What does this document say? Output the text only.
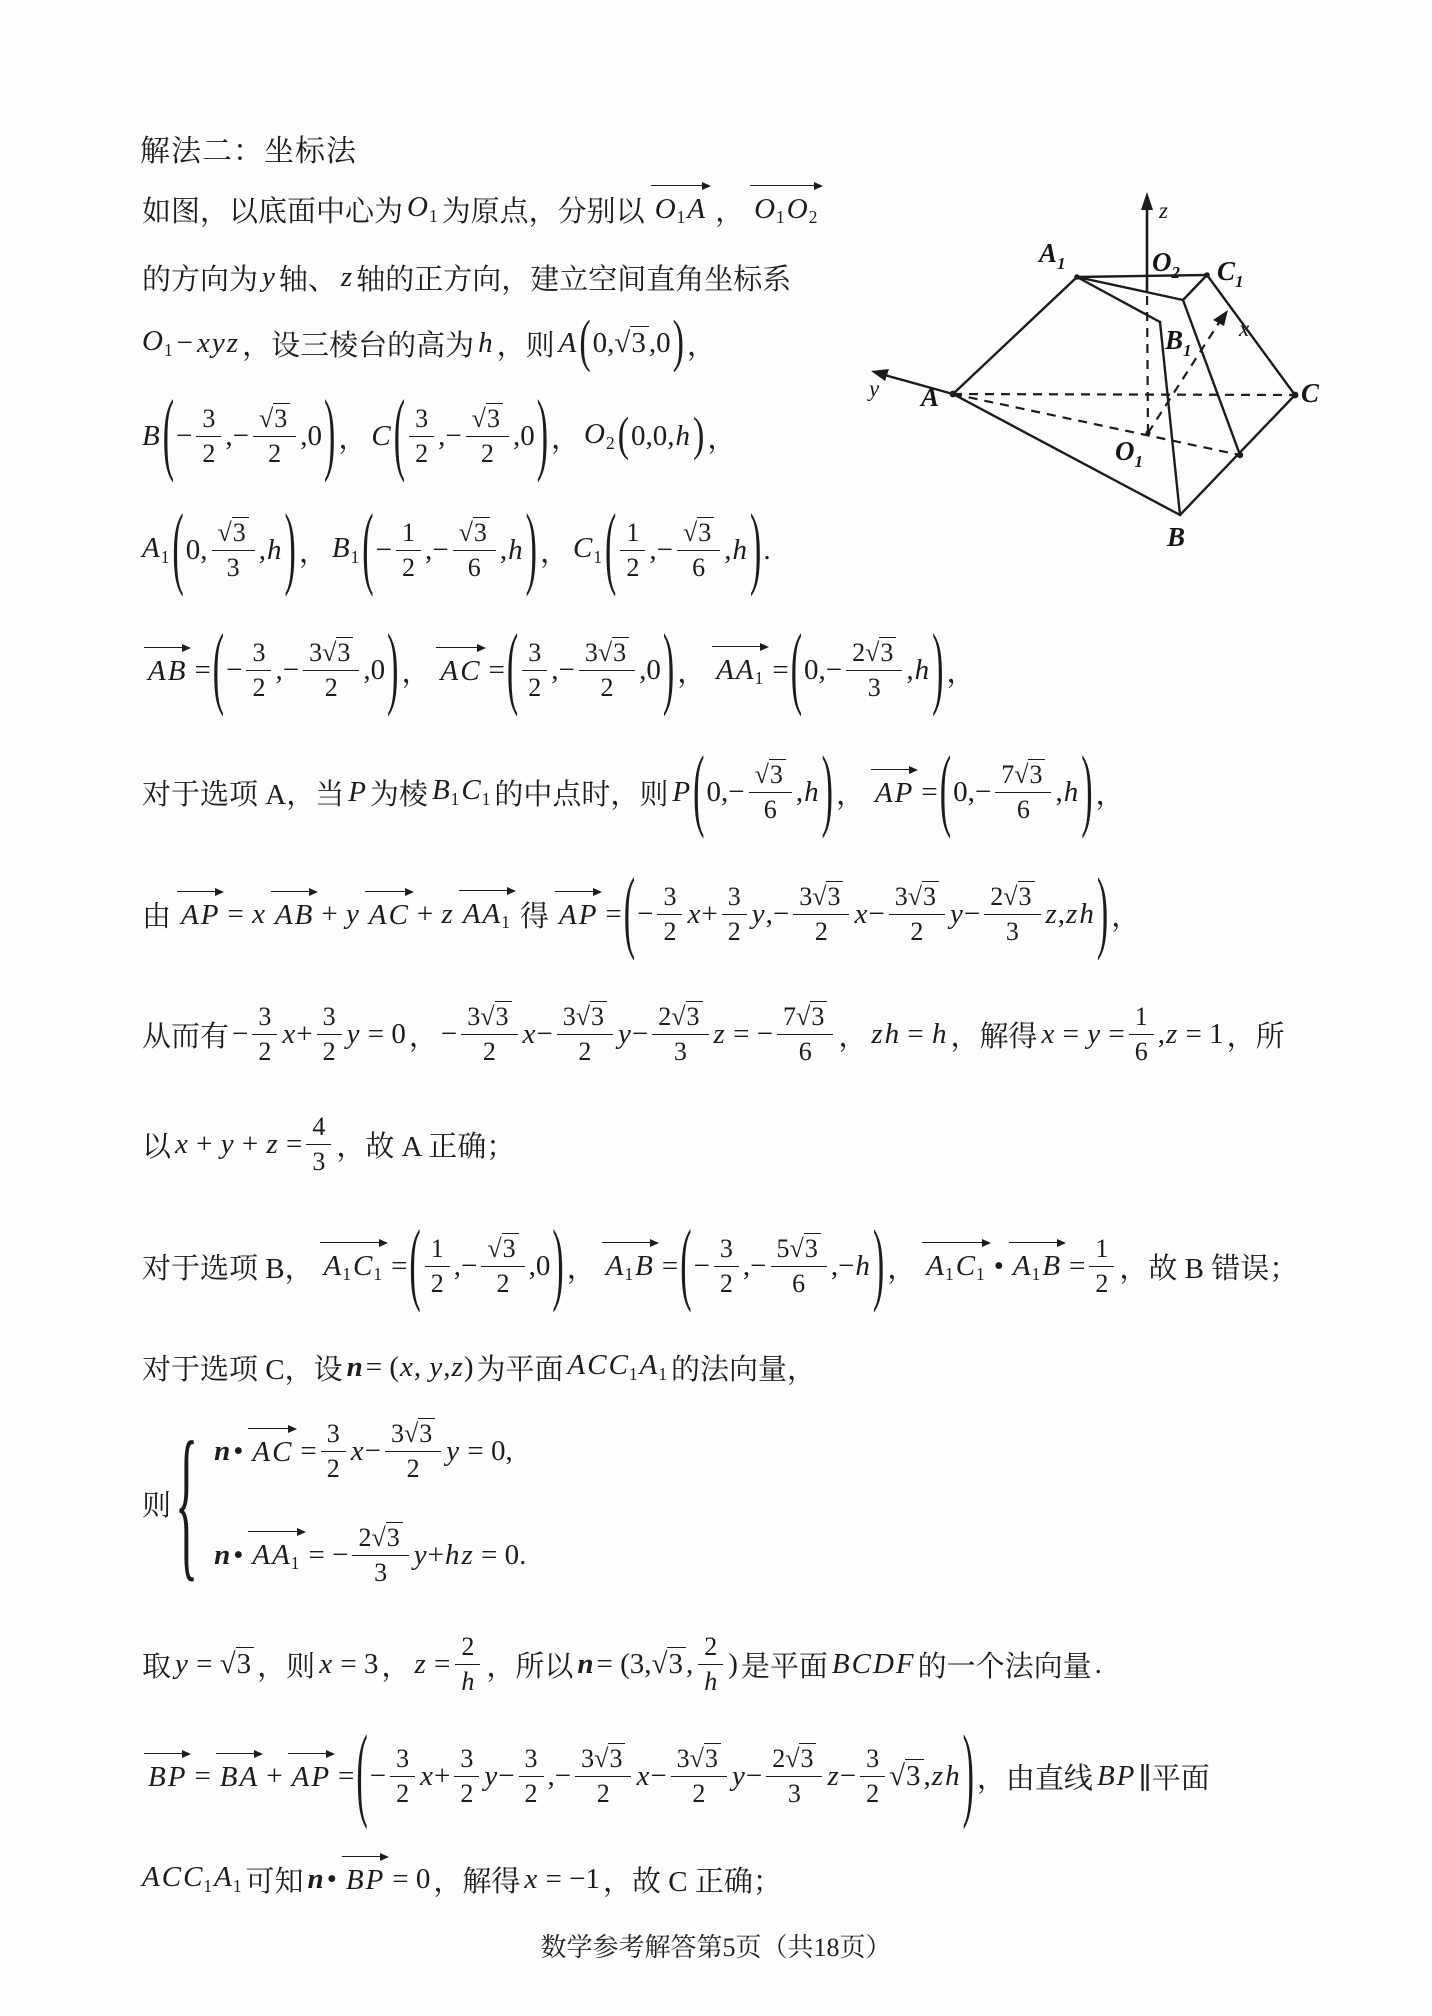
解法二：坐标法
如图，以底面中心为 O1 为原点，分别以 O1A ， O1O2
的方向为 y 轴、 z 轴的正方向，建立空间直角坐标系
O1 − xyz ，设三棱台的高为 h ，则 A ( 0,√3 ,0 ) ，
B ( − $\frac{3}{2}$ ,− $\frac{√3}{2} ,0$ ) ， C ( $\frac{3}{2}$ ,− $\frac{√3}{2} ,0$ ) ， O2 ( 0,0,h ) ，
A1 ( 0, $\frac{√3}{3} ,h$ ) ， B1 ( − $\frac{1}{2}$ ,− $\frac{√3}{6} ,h$ ) ， C1 ( $\frac{1}{2}$ ,− $\frac{√3}{6} ,h$ ) .
AB = ( − $\frac{3}{2}$ ,− $\frac{3√3}{2} ,0$ ) ， AC = ( $\frac{3}{2}$ ,− $\frac{3√3}{2} ,0$ ) ， AA1 = ( $0,- \frac{2√3}{3} ,h$ ) ，
对于选项 A，当 P 为棱 B1C1 的中点时，则 P ( $0,- \frac{√3}{6} ,h$ ) ， AP = ( $0,- \frac{7√3}{6} ,h$ ) ，
由 AP = x AB + y AC + z AA1 得 AP = ( − $\frac{3}{2} x+ \frac{3}{2} y,- \frac{3√3}{2} x- \frac{3√3}{2} y- \frac{2√3}{3} z,zh$ ) ，
从而有 − $\frac{3}{2} x+ \frac{3}{2}$ y = 0 ， − $\frac{3√3}{2} x- \frac{3√3}{2} y- \frac{2√3}{3}$ z = − $\frac{7√3}{6}$ ， zh = h ，解得 $x = y = \frac{1}{6} ,z = 1$ ，所
以 $x + y + z = \frac{4}{3}$ ，故 A 正确；
对于选项 B， A1C1 = ( $\frac{1}{2}$ ,− $\frac{√3}{2} ,0$ ) ， A1B = ( − $\frac{3}{2}$ ,− $\frac{5√3}{6} ,-h$ ) ， A1C1 • $A1B = \frac{1}{2}$ ，故 B 错误；
对于选项 C，设 n = (x, y,z) 为平面 ACC1A1 的法向量，
则 { n • AC = $\frac{3}{2} x- \frac{3√3}{2}$ y = 0,
n • AA1 = − $\frac{2√3}{3} y+hz = 0$.
取 y = √3 ，则 x = 3 ， $z = \frac{2}{h}$ ，所以 n = (3,√3 , $\frac{2}{h}$ ) 是平面 BCDF 的一个法向量 .
BP = BA + AP = ( − $\frac{3}{2} x+ \frac{3}{2} y- \frac{3}{2}$ ,− $\frac{3√3}{2} x- \frac{3√3}{2} y- \frac{2√3}{3} z- \frac{3}{2} √3$ ,zh ) ，由直线 BP ∥平面
ACC1A1 可知 n • BP = 0 ，解得 x = −1 ，故 C 正确；
z
x
y
$A_1$	$O_2$ $C_1$
$B_1$
$O_1$
A
B
C
数学参考解答第5页（共18页）
